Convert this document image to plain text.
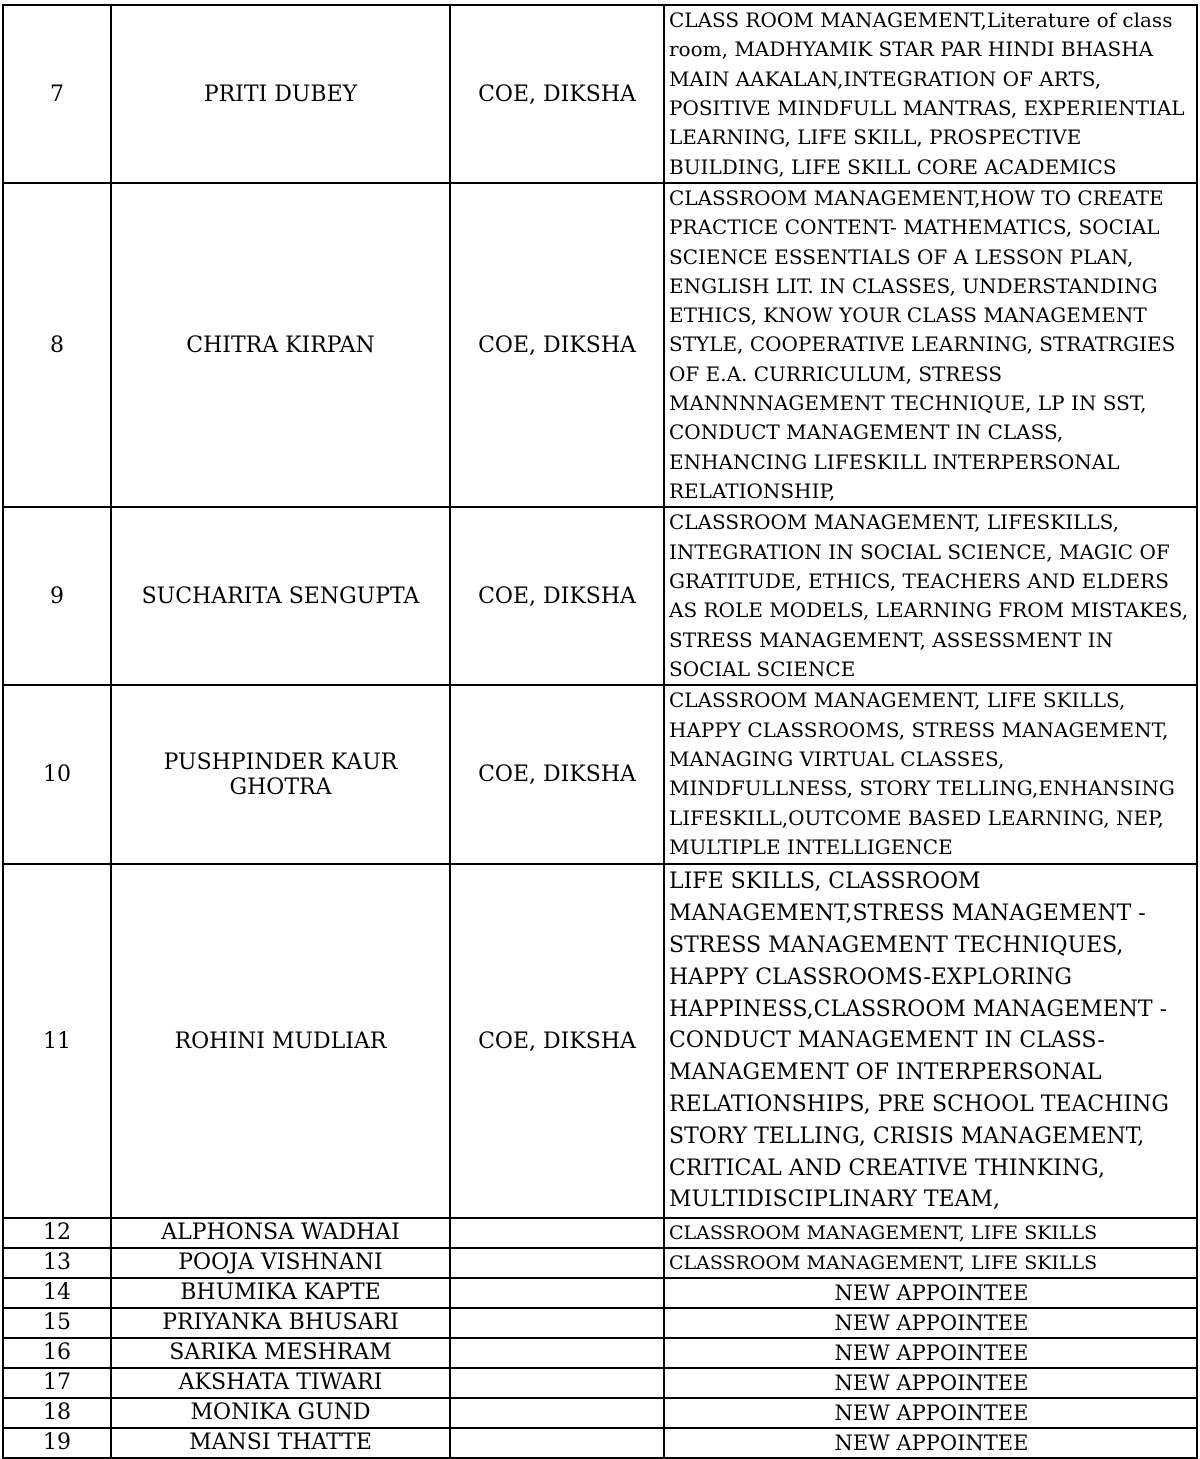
7	PRITI DUBEY	COE, DIKSHA	CLASS ROOM MANAGEMENT,Literature of class room, MADHYAMIK STAR PAR HINDI BHASHA MAIN AAKALAN,INTEGRATION OF ARTS, POSITIVE MINDFULL MANTRAS, EXPERIENTIAL LEARNING, LIFE SKILL, PROSPECTIVE BUILDING, LIFE SKILL CORE ACADEMICS
8	CHITRA KIRPAN	COE, DIKSHA	CLASSROOM MANAGEMENT,HOW TO CREATE PRACTICE CONTENT- MATHEMATICS, SOCIAL SCIENCE ESSENTIALS OF A LESSON PLAN, ENGLISH LIT. IN CLASSES, UNDERSTANDING ETHICS, KNOW YOUR CLASS MANAGEMENT STYLE, COOPERATIVE LEARNING, STRATRGIES OF E.A. CURRICULUM, STRESS MANNNNAGEMENT TECHNIQUE, LP IN SST, CONDUCT MANAGEMENT IN CLASS, ENHANCING LIFESKILL INTERPERSONAL RELATIONSHIP,
9	SUCHARITA SENGUPTA	COE, DIKSHA	CLASSROOM MANAGEMENT, LIFESKILLS, INTEGRATION IN SOCIAL SCIENCE, MAGIC OF GRATITUDE, ETHICS, TEACHERS AND ELDERS AS ROLE MODELS, LEARNING FROM MISTAKES, STRESS MANAGEMENT, ASSESSMENT IN SOCIAL SCIENCE
10	PUSHPINDER KAUR GHOTRA	COE, DIKSHA	CLASSROOM MANAGEMENT, LIFE SKILLS, HAPPY CLASSROOMS, STRESS MANAGEMENT, MANAGING VIRTUAL CLASSES, MINDFULLNESS, STORY TELLING,ENHANSING LIFESKILL,OUTCOME BASED LEARNING, NEP, MULTIPLE INTELLIGENCE
11	ROHINI MUDLIAR	COE, DIKSHA	LIFE SKILLS, CLASSROOM MANAGEMENT,STRESS MANAGEMENT - STRESS MANAGEMENT TECHNIQUES, HAPPY CLASSROOMS-EXPLORING HAPPINESS,CLASSROOM MANAGEMENT - CONDUCT MANAGEMENT IN CLASS-MANAGEMENT OF INTERPERSONAL RELATIONSHIPS, PRE SCHOOL TEACHING STORY TELLING, CRISIS MANAGEMENT, CRITICAL AND CREATIVE THINKING, MULTIDISCIPLINARY TEAM,
12	ALPHONSA WADHAI		CLASSROOM MANAGEMENT, LIFE SKILLS
13	POOJA VISHNANI		CLASSROOM MANAGEMENT, LIFE SKILLS
14	BHUMIKA KAPTE		NEW APPOINTEE
15	PRIYANKA BHUSARI		NEW APPOINTEE
16	SARIKA MESHRAM		NEW APPOINTEE
17	AKSHATA TIWARI		NEW APPOINTEE
18	MONIKA GUND		NEW APPOINTEE
19	MANSI THATTE		NEW APPOINTEE
